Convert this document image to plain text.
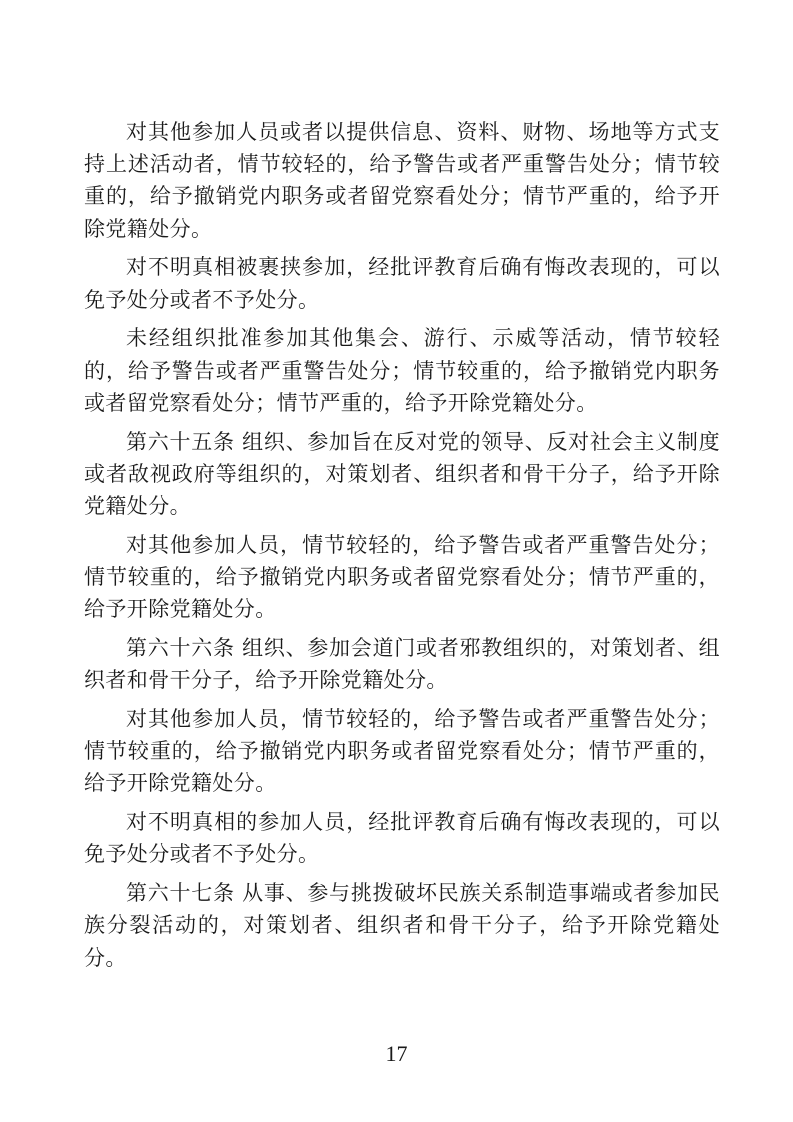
对其他参加人员或者以提供信息、资料、财物、场地等方式支持上述活动者，情节较轻的，给予警告或者严重警告处分；情节较重的，给予撤销党内职务或者留党察看处分；情节严重的，给予开除党籍处分。

对不明真相被裹挟参加，经批评教育后确有悔改表现的，可以免予处分或者不予处分。

未经组织批准参加其他集会、游行、示威等活动，情节较轻的，给予警告或者严重警告处分；情节较重的，给予撤销党内职务或者留党察看处分；情节严重的，给予开除党籍处分。

第六十五条 组织、参加旨在反对党的领导、反对社会主义制度或者敌视政府等组织的，对策划者、组织者和骨干分子，给予开除党籍处分。

对其他参加人员，情节较轻的，给予警告或者严重警告处分；情节较重的，给予撤销党内职务或者留党察看处分；情节严重的，给予开除党籍处分。

第六十六条 组织、参加会道门或者邪教组织的，对策划者、组织者和骨干分子，给予开除党籍处分。

对其他参加人员，情节较轻的，给予警告或者严重警告处分；情节较重的，给予撤销党内职务或者留党察看处分；情节严重的，给予开除党籍处分。

对不明真相的参加人员，经批评教育后确有悔改表现的，可以免予处分或者不予处分。

第六十七条 从事、参与挑拨破坏民族关系制造事端或者参加民族分裂活动的，对策划者、组织者和骨干分子，给予开除党籍处分。

17
